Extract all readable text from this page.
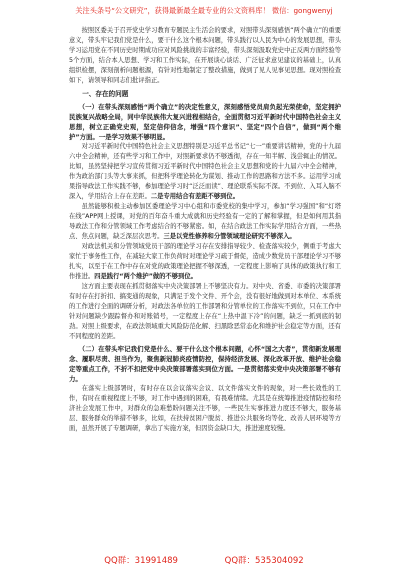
关注头条号“公文研究”，获得最新最全最专业的公文资料库！ 微信：gongwenyj

按照区委关于召开党史学习教育专题民主生活会的要求，对照带头深刻感悟“两个确立”的重要意义，带头牢记我们党是什么，要干什么这个根本问题，带头践行以人民为中心的发展思想，带头学习运用党在不同历史时期成功应对风险挑战的丰富经验，带头深刻汲取党史中正反两方面经验等5个方面，结合本人思想、学习和工作实际，在开展谈心谈话、广泛征求意见建议的基础上，认真组织检摆，深刻剖析问题根源，有针对性地制定了整改措施，做到了见人见事见思想。现对照检查如下，请领导和同志们批评指正。

一、存在的问题

（一）在带头深刻感悟“两个确立”的决定性意义，深刻感悟党员肩负起光荣使命，坚定拥护民族复兴战略全局，同中华民族伟大复兴进程相结合，全面贯彻习近平新时代中国特色社会主义思想，树立正确党史观，坚定信仰信念，增强“四个意识”、坚定“四个自信”，做到“两个维护”方面。一是学习效果不够明显。

对习近平新时代中国特色社会主义思想特别是习近平总书记“七一”重要讲话精神，党的十九届六中全会精神，还有些学习和工作中，对照新要求仍不够透彻，存在一知半解、浅尝辄止的情况。比如，虽然坚持把学习宣传贯彻习近平新时代中国特色社会主义思想和党的十九届六中全会精神，作为政治部门头等大事来抓，但把科学理论转化为谋划、推动工作的思路和方法不多。运用学习成果指导政法工作实践不够，参加理论学习时“泛泛而读”、理论联系实际不深。不到位、入耳入脑不深入，学用结合上存在差距。二是专用结合有差距不够到位。

虽然能够积极主动参加区委理论学习中心组和市委党校的集中学习，参加“学习强国”和“灯塔在线”APP网上授课，对党的百年奋斗重大成就和历史经验有一定的了解和掌握，但是如何用其指导政法工作和分管领域工作考虑结合的不够紧密。如，在结合政法工作实际学用结合方面，一些热点、焦点问题，缺乏深层次思考。三是以党性修养和分管领域理论研究不够深入。

对政法机关和分管领域党员干部的理论学习存在安排指导较少、检查落实较少，侧重于考虑大家忙于事务性工作，在减轻大家工作负荷时对理论学习疏于督促，造成少数党员干部理论学习不够扎实，以至于在工作中存在对党的政策理论把握不够深透，一定程度上影响了具体的政策执行和工作推进。四是践行“两个维护”做的不够到位。

这方面主要表现在抓贯彻落实中央决策部署上不够坚决有力。对中央、省委、市委的决策部署有时存在打折扣、搞变通的现象，只满足于发个文件、开个会，没有很好地做到对本单位、本系统的工作进行全面的调研分析，对政法各单位的工作部署和分管单位的工作落实不到位，只在工作中针对问题缺少跟踪督办和对账销号，一定程度上存在“上热中温下冷”的问题，缺乏一抓到底的韧劲。对照上级要求，在政法领域重大风险防范化解、扫黑除恶常态化和维护社会稳定等方面，还有不同程度的差距。

（二）在带头牢记我们党是什么、要干什么这个根本问题，心怀“国之大者”，贯彻新发展理念、履职尽责、担当作为，聚焦新冠肺炎疫情防控，保持经济发展、深化改革开放、维护社会稳定等重点工作，不折不扣把党中央决策部署落实到位方面。一是贯彻落实党中央决策部署不够有力。

在落实上级部署时，有时存在以会议落实会议、以文件落实文件的现象，对一些长效性的工作，有时在重视程度上不够，对工作中遇到的困难，有畏难情绪。尤其是在统筹推进疫情防控和经济社会发展工作中，对群众的急难愁盼问题关注不够，一些民生实事推进力度还不够大，服务基层、服务群众的举措不够多，比如，在扶持贫困户脱贫、推进公共服务均等化、改善人居环境等方面，虽然开展了专题调研，拿出了实施方案，但因资金缺口大，推进速度较慢。

QQ群：31991489	QQ群：535304092
